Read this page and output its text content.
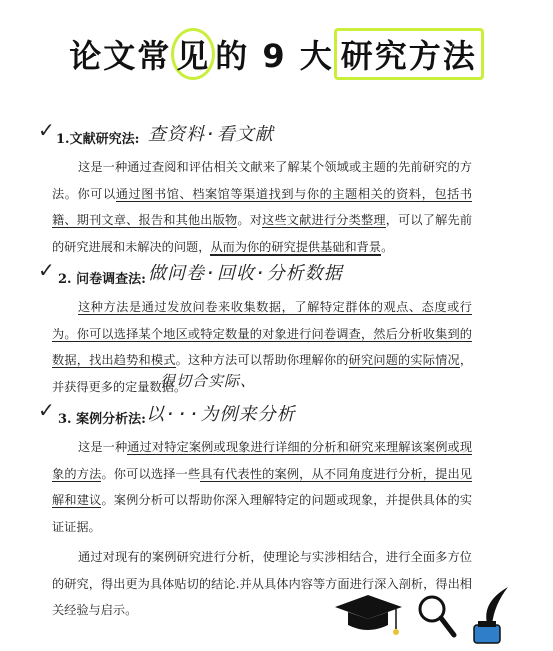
论文常 见 的 9 大 研究方法
✓ 1.文献研究法: 查资料·看文献
这是一种通过查阅和评估相关文献来了解某个领域或主题的先前研究的方法。你可以通过图书馆、档案馆等渠道找到与你的主题相关的资料，包括书籍、期刊文章、报告和其他出版物。对这些文献进行分类整理，可以了解先前的研究进展和未解决的问题，从而为你的研究提供基础和背景。
✓ 2. 问卷调查法: 做问卷·回收·分析数据
这种方法是通过发放问卷来收集数据，了解特定群体的观点、态度或行为。你可以选择某个地区或特定数量的对象进行问卷调查，然后分析收集到的数据，找出趋势和模式。这种方法可以帮助你理解你的研究问题的实际情况，并获得更多的定量数据。
很切合实际、
✓ 3. 案例分析法: 以···为例来分析
这是一种通过对特定案例或现象进行详细的分析和研究来理解该案例或现象的方法。你可以选择一些具有代表性的案例，从不同角度进行分析，提出见解和建议。案例分析可以帮助你深入理解特定的问题或现象，并提供具体的实证证据。
通过对现有的案例研究进行分析，使理论与实涉相结合，进行全面多方位的研究，得出更为具体贴切的结论.并从具体内容等方面进行深入剖析，得出相关经验与启示。
